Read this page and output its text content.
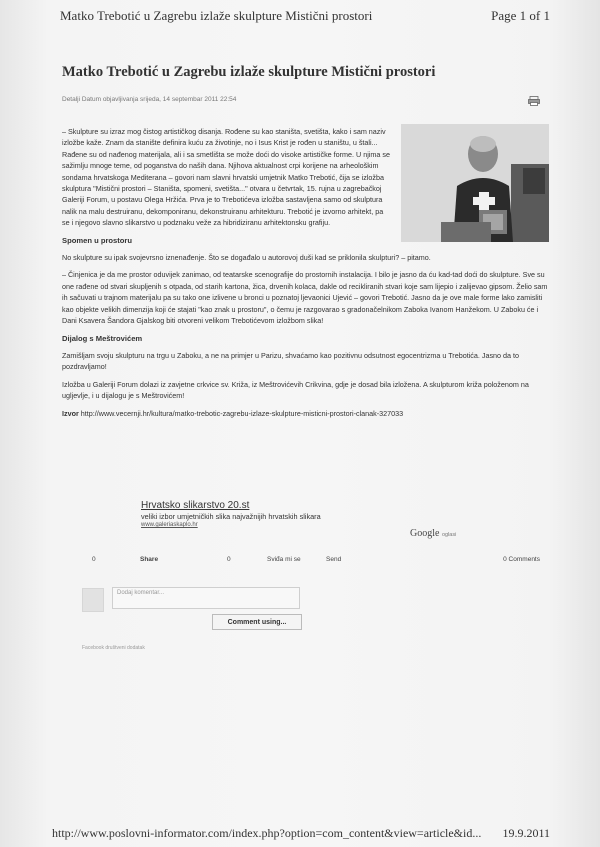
Matko Trebotić u Zagrebu izlaže skulpture Mistični prostori	Page 1 of 1
Matko Trebotić u Zagrebu izlaže skulpture Mistični prostori
Detalji Datum objavljivanja srijeda, 14 septembar 2011 22:54

– Skulpture su izraz mog čistog artističkog disanja. Rođene su kao staništa, svetišta, kako i sam naziv izložbe kaže. Znam da stanište definira kuću za životinje, no i Isus Krist je rođen u staništu, u štali... Rađene su od nađenog materijala, ali i sa smetlišta se može doći do visoke artističke forme. U njima se sažimlju mnoge teme, od poganstva do naših dana. Njihova aktualnost crpi korijene na arheološkim sondama hrvatskoga Mediterana – govori nam slavni hrvatski umjetnik Matko Trebotić, čija se izložba skulptura "Mistični prostori – Staništa, spomeni, svetišta..." otvara u četvrtak, 15. rujna u zagrebačkoj Galeriji Forum, u postavu Olega Hržića. Prva je to Trebotićeva izložba sastavljena samo od skulptura nalik na malu destruiranu, dekomponiranu, dekonstruiranu arhitekturu. Trebotić je izvorno arhitekt, pa se i njegovo slavno slikarstvo u podznaku veže za hibridiziranu arhitektonsku grafiju.

Spomen u prostoru

No skulpture su ipak svojevrsno iznenađenje. Što se događalo u autorovoj duši kad se priklonila skulpturi? – pitamo.

– Činjenica je da me prostor oduvijek zanimao, od teatarske scenografije do prostornih instalacija. I bilo je jasno da ću kad-tad doći do skulpture. Sve su one rađene od stvari skupljenih s otpada, od starih kartona, žica, drvenih kolaca, dakle od recikliranih stvari koje sam lijepio i zalijevao gipsom. Želio sam ih sačuvati u trajnom materijalu pa su tako one izlivene u bronci u poznatoj ljevaonici Ujević – govori Trebotić. Jasno da je ove male forme lako zamisliti kao objekte velikih dimenzija koji će stajati "kao znak u prostoru", o čemu je razgovarao s gradonačelnikom Zaboka Ivanom Hanžekom. U Zaboku će i Dani Ksavera Šandora Gjalskog biti otvoreni velikom Trebotićevom izložbom slika!

Dijalog s Meštrovićem

Zamišljam svoju skulpturu na trgu u Zaboku, a ne na primjer u Parizu, shvaćamo kao pozitivnu odsutnost egocentrizma u Trebotića. Jasno da to pozdravljamo!

Izložba u Galeriji Forum dolazi iz zavjetne crkvice sv. Križa, iz Meštrovićevih Crikvina, gdje je dosad bila izložena. A skulpturom križa položenom na ugljevlje, i u dijalogu je s Meštrovićem!

Izvor http://www.vecernji.hr/kultura/matko-trebotic-zagrebu-izlaze-skulpture-misticni-prostori-clanak-327033

Hrvatsko slikarstvo 20.st
veliki izbor umjetničkih slika najvažnijih hrvatskih slikara
www.galeriaskaplo.hr
Google oglasi
0	Share	0	Sviđa mi se	Send	0 Comments
Dodaj komentar...
Comment using...
Facebook društveni dodatak
http://www.poslovni-informator.com/index.php?option=com_content&view=article&id... 19.9.2011
